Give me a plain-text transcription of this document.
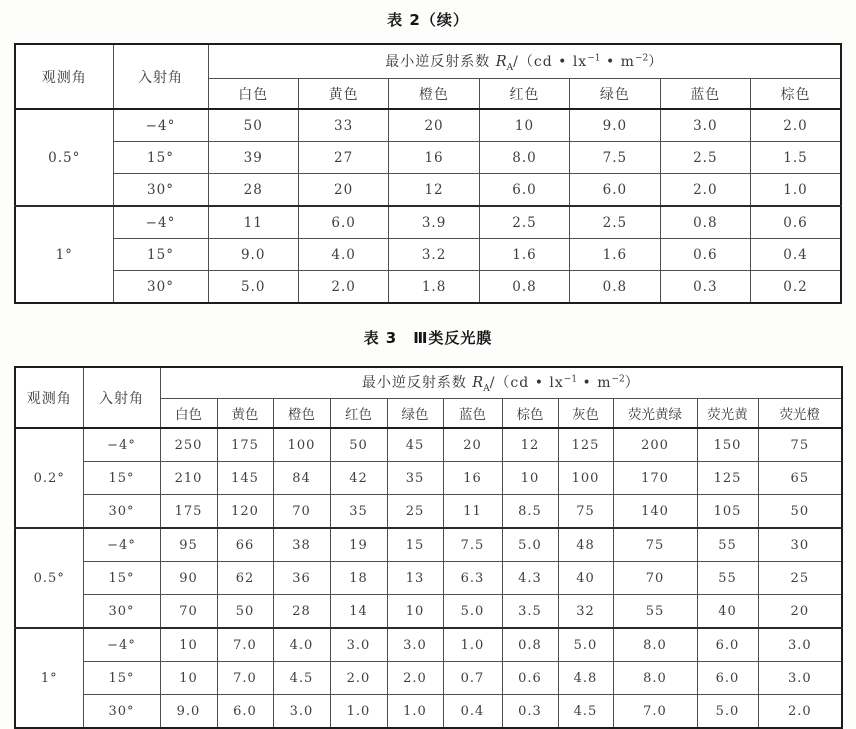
表 2（续）
观测角	入射角	最小逆反射系数 $R_A/(cd$ • $lx^{-1}$ • $m^{-2}$）						
		白色	黄色	橙色	红色	绿色	蓝色	棕色
0.5°	−4°	50	33	20	10	9.0	3.0	2.0
	15°	39	27	16	8.0	7.5	2.5	1.5
	30°	28	20	12	6.0	6.0	2.0	1.0
1°	−4°	11	6.0	3.9	2.5	2.5	0.8	0.6
	15°	9.0	4.0	3.2	1.6	1.6	0.6	0.4
	30°	5.0	2.0	1.8	0.8	0.8	0.3	0.2
表 3　Ⅲ类反光膜
观测角	入射角	最小逆反射系数 $R_A/(cd$ • $lx^{-1}$ • $m^{-2}$）										
		白色	黄色	橙色	红色	绿色	蓝色	棕色	灰色	荧光黄绿	荧光黄	荧光橙
0.2°	−4°	250	175	100	50	45	20	12	125	200	150	75
	15°	210	145	84	42	35	16	10	100	170	125	65
	30°	175	120	70	35	25	11	8.5	75	140	105	50
0.5°	−4°	95	66	38	19	15	7.5	5.0	48	75	55	30
	15°	90	62	36	18	13	6.3	4.3	40	70	55	25
	30°	70	50	28	14	10	5.0	3.5	32	55	40	20
1°	−4°	10	7.0	4.0	3.0	3.0	1.0	0.8	5.0	8.0	6.0	3.0
	15°	10	7.0	4.5	2.0	2.0	0.7	0.6	4.8	8.0	6.0	3.0
	30°	9.0	6.0	3.0	1.0	1.0	0.4	0.3	4.5	7.0	5.0	2.0
